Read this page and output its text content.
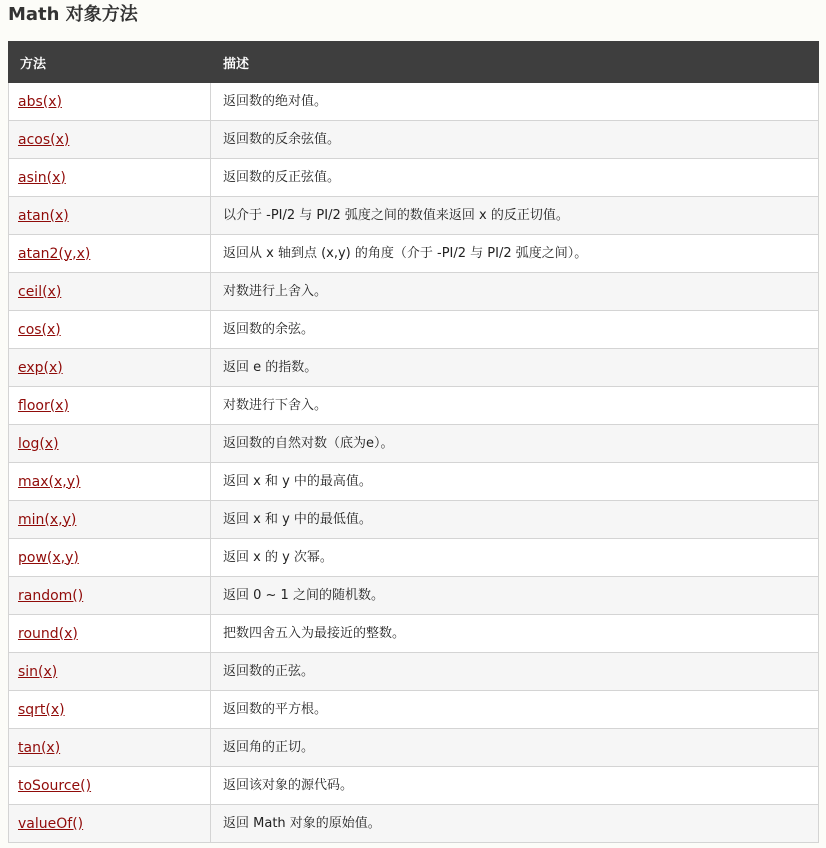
Math 对象方法
方法	描述
abs(x)	返回数的绝对值。
acos(x)	返回数的反余弦值。
asin(x)	返回数的反正弦值。
atan(x)	以介于 -PI/2 与 PI/2 弧度之间的数值来返回 x 的反正切值。
atan2(y,x)	返回从 x 轴到点 (x,y) 的角度（介于 -PI/2 与 PI/2 弧度之间）。
ceil(x)	对数进行上舍入。
cos(x)	返回数的余弦。
exp(x)	返回 e 的指数。
floor(x)	对数进行下舍入。
log(x)	返回数的自然对数（底为e）。
max(x,y)	返回 x 和 y 中的最高值。
min(x,y)	返回 x 和 y 中的最低值。
pow(x,y)	返回 x 的 y 次幂。
random()	返回 0 ~ 1 之间的随机数。
round(x)	把数四舍五入为最接近的整数。
sin(x)	返回数的正弦。
sqrt(x)	返回数的平方根。
tan(x)	返回角的正切。
toSource()	返回该对象的源代码。
valueOf()	返回 Math 对象的原始值。
